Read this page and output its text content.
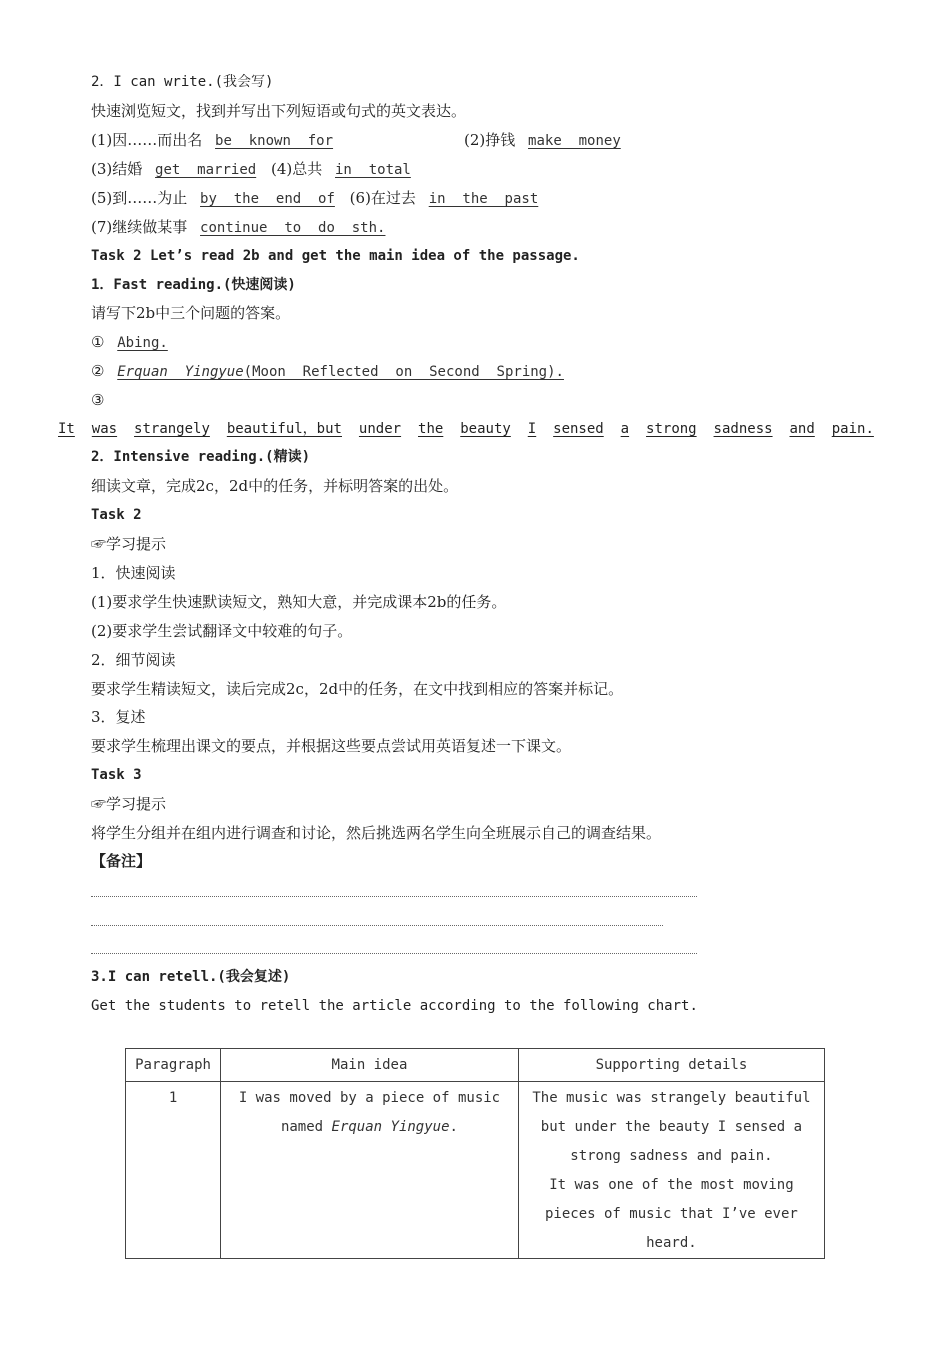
2．I can write.(我会写)
快速浏览短文，找到并写出下列短语或句式的英文表达。
(1)因……而出名 be  known  for	(2)挣钱 make  money
(3)结婚 get  married (4)总共 in  total
(5)到……为止 by  the  end  of (6)在过去 in  the  past
(7)继续做某事 continue  to  do  sth.
Task 2 Let’s read 2b and get the main idea of the passage.
1．Fast reading.(快速阅读)
请写下2b中三个问题的答案。
① Abing.
② Erquan  Yingyue(Moon  Reflected  on  Second  Spring).
③
It was strangely beautiful，but under the beauty I sensed a strong sadness and pain.
2．Intensive reading.(精读)
细读文章，完成2c，2d中的任务，并标明答案的出处。
Task 2
☞学习提示
1．快速阅读
(1)要求学生快速默读短文，熟知大意，并完成课本2b的任务。
(2)要求学生尝试翻译文中较难的句子。
2．细节阅读
要求学生精读短文，读后完成2c，2d中的任务，在文中找到相应的答案并标记。
3．复述
要求学生梳理出课文的要点，并根据这些要点尝试用英语复述一下课文。
Task 3
☞学习提示
将学生分组并在组内进行调查和讨论，然后挑选两名学生向全班展示自己的调查结果。
【备注】
3.I can retell.(我会复述)
Get the students to retell the article according to the following chart.
Paragraph	Main idea	Supporting details
1	I was moved by a piece of music named Erquan Yingyue.	The music was strangely beautiful but under the beauty I sensed a strong sadness and pain.
It was one of the most moving pieces of music that I’ve ever heard.
